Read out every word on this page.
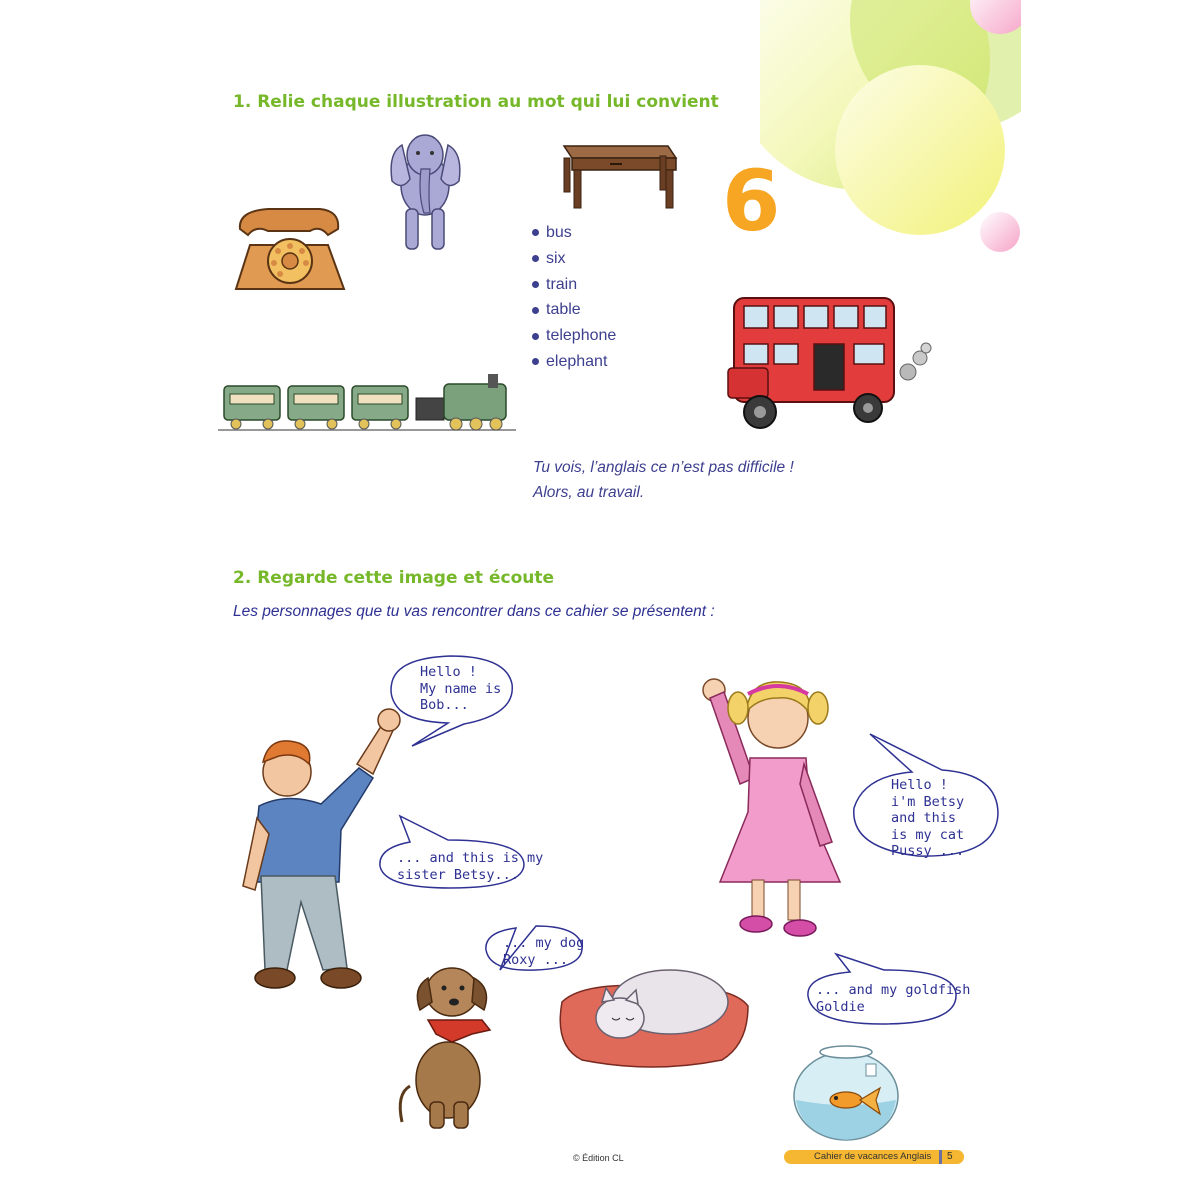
1. Relie chaque illustration au mot qui lui convient
6
bus
six
train
table
telephone
elephant
Tu vois, l’anglais ce n’est pas difficile !
Alors, au travail.
2. Regarde cette image et écoute
Les personnages que tu vas rencontrer dans ce cahier se présentent :
Hello !
My name is
Bob...
... and this is my
sister Betsy...
Hello !
i'm Betsy
and this
is my cat
Pussy ...
... my dog
Roxy ...
... and my goldfish
Goldie
© Édition CL	Cahier de vacances Anglais 5
